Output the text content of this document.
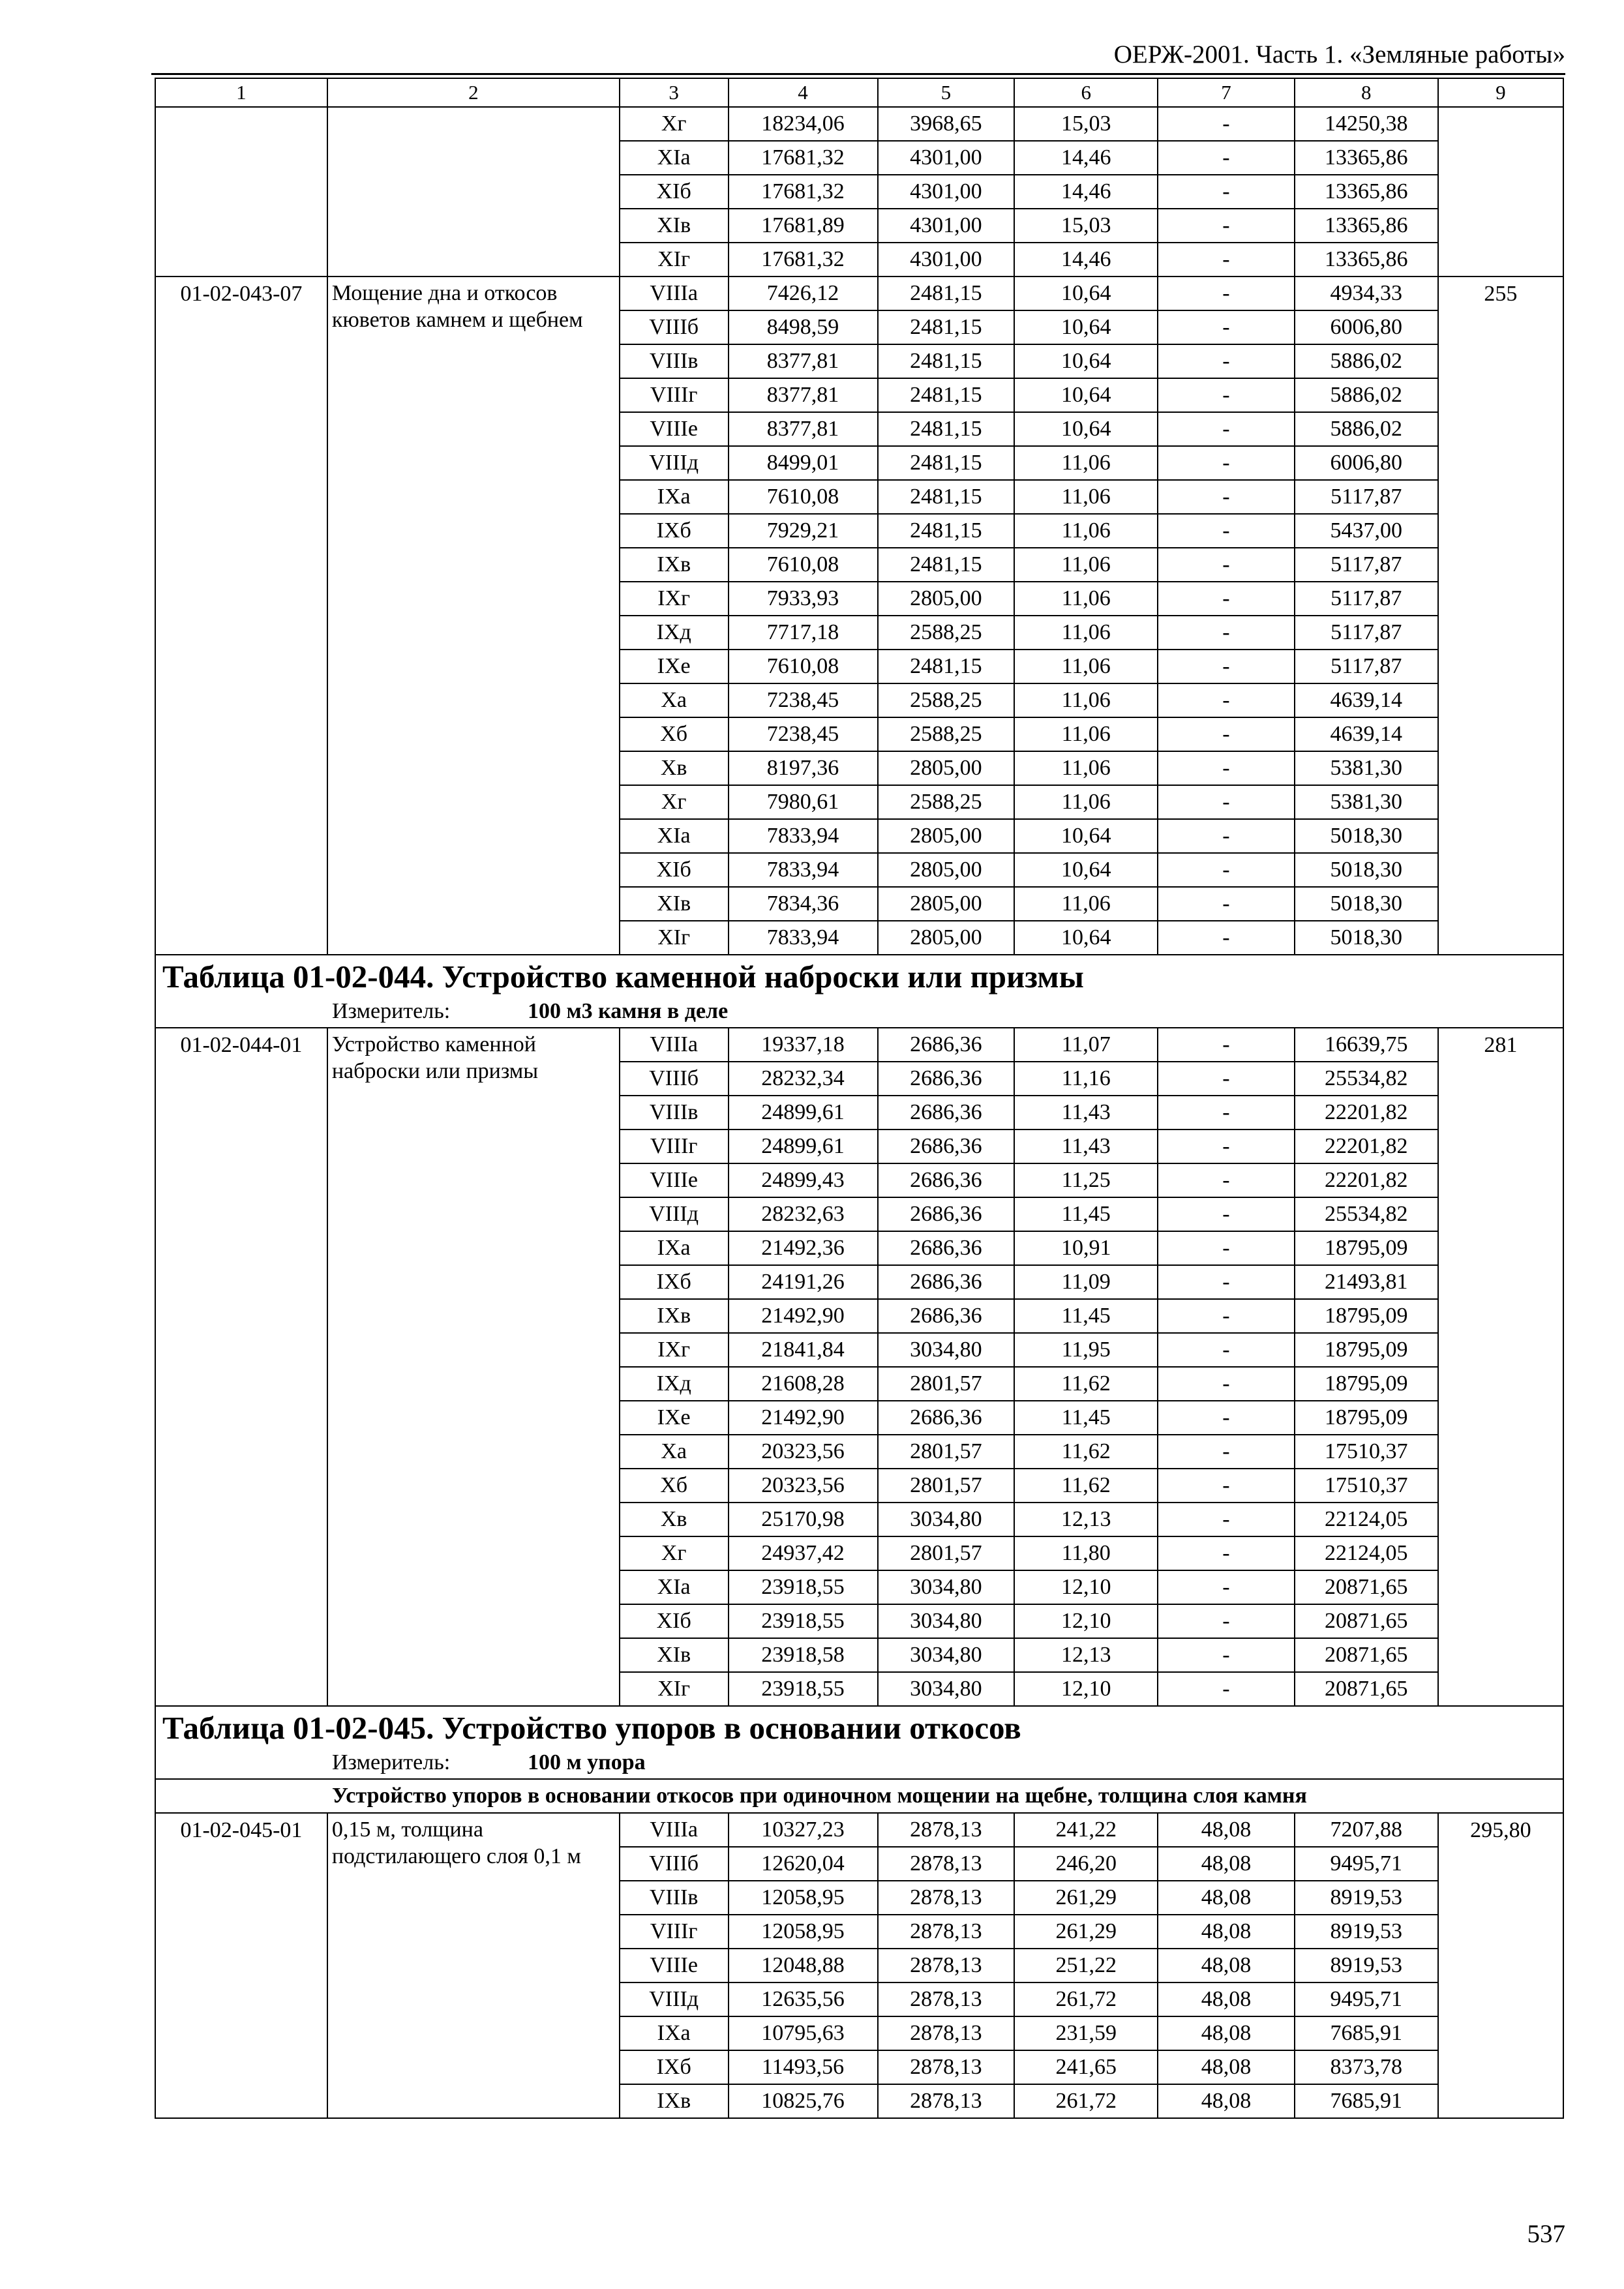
ОЕРЖ-2001. Часть 1. «Земляные работы»
1	2	3	4	5	6	7	8	9
		Xг	18234,06	3968,65	15,03	-	14250,38	
		XIa	17681,32	4301,00	14,46	-	13365,86	
		XIб	17681,32	4301,00	14,46	-	13365,86	
		XIв	17681,89	4301,00	15,03	-	13365,86	
		XIг	17681,32	4301,00	14,46	-	13365,86	
01-02-043-07	Мощение дна и откосов кюветов камнем и щебнем	VIIIa	7426,12	2481,15	10,64	-	4934,33	255
		VIIIб	8498,59	2481,15	10,64	-	6006,80	
		VIIIв	8377,81	2481,15	10,64	-	5886,02	
		VIIIг	8377,81	2481,15	10,64	-	5886,02	
		VIIIе	8377,81	2481,15	10,64	-	5886,02	
		VIIIд	8499,01	2481,15	11,06	-	6006,80	
		IXa	7610,08	2481,15	11,06	-	5117,87	
		IXб	7929,21	2481,15	11,06	-	5437,00	
		IXв	7610,08	2481,15	11,06	-	5117,87	
		IXг	7933,93	2805,00	11,06	-	5117,87	
		IXд	7717,18	2588,25	11,06	-	5117,87	
		IXе	7610,08	2481,15	11,06	-	5117,87	
		Xa	7238,45	2588,25	11,06	-	4639,14	
		Xб	7238,45	2588,25	11,06	-	4639,14	
		Xв	8197,36	2805,00	11,06	-	5381,30	
		Xг	7980,61	2588,25	11,06	-	5381,30	
		XIa	7833,94	2805,00	10,64	-	5018,30	
		XIб	7833,94	2805,00	10,64	-	5018,30	
		XIв	7834,36	2805,00	11,06	-	5018,30	
		XIг	7833,94	2805,00	10,64	-	5018,30	

Таблица 01-02-044. Устройство каменной наброски или призмы
Измеритель: 100 м3 камня в деле								

01-02-044-01	Устройство каменной наброски или призмы	VIIIa	19337,18	2686,36	11,07	-	16639,75	281
		VIIIб	28232,34	2686,36	11,16	-	25534,82	
		VIIIв	24899,61	2686,36	11,43	-	22201,82	
		VIIIг	24899,61	2686,36	11,43	-	22201,82	
		VIIIе	24899,43	2686,36	11,25	-	22201,82	
		VIIIд	28232,63	2686,36	11,45	-	25534,82	
		IXa	21492,36	2686,36	10,91	-	18795,09	
		IXб	24191,26	2686,36	11,09	-	21493,81	
		IXв	21492,90	2686,36	11,45	-	18795,09	
		IXг	21841,84	3034,80	11,95	-	18795,09	
		IXд	21608,28	2801,57	11,62	-	18795,09	
		IXе	21492,90	2686,36	11,45	-	18795,09	
		Xa	20323,56	2801,57	11,62	-	17510,37	
		Xб	20323,56	2801,57	11,62	-	17510,37	
		Xв	25170,98	3034,80	12,13	-	22124,05	
		Xг	24937,42	2801,57	11,80	-	22124,05	
		XIa	23918,55	3034,80	12,10	-	20871,65	
		XIб	23918,55	3034,80	12,10	-	20871,65	
		XIв	23918,58	3034,80	12,13	-	20871,65	
		XIг	23918,55	3034,80	12,10	-	20871,65	

Таблица 01-02-045. Устройство упоров в основании откосов
Измеритель: 100 м упора								

Устройство упоров в основании откосов при одиночном мощении на щебне, толщина слоя камня								
01-02-045-01	0,15 м, толщина подстилающего слоя 0,1 м	VIIIa	10327,23	2878,13	241,22	48,08	7207,88	295,80
		VIIIб	12620,04	2878,13	246,20	48,08	9495,71	
		VIIIв	12058,95	2878,13	261,29	48,08	8919,53	
		VIIIг	12058,95	2878,13	261,29	48,08	8919,53	
		VIIIе	12048,88	2878,13	251,22	48,08	8919,53	
		VIIIд	12635,56	2878,13	261,72	48,08	9495,71	
		IXa	10795,63	2878,13	231,59	48,08	7685,91	
		IXб	11493,56	2878,13	241,65	48,08	8373,78	
		IXв	10825,76	2878,13	261,72	48,08	7685,91	
537
